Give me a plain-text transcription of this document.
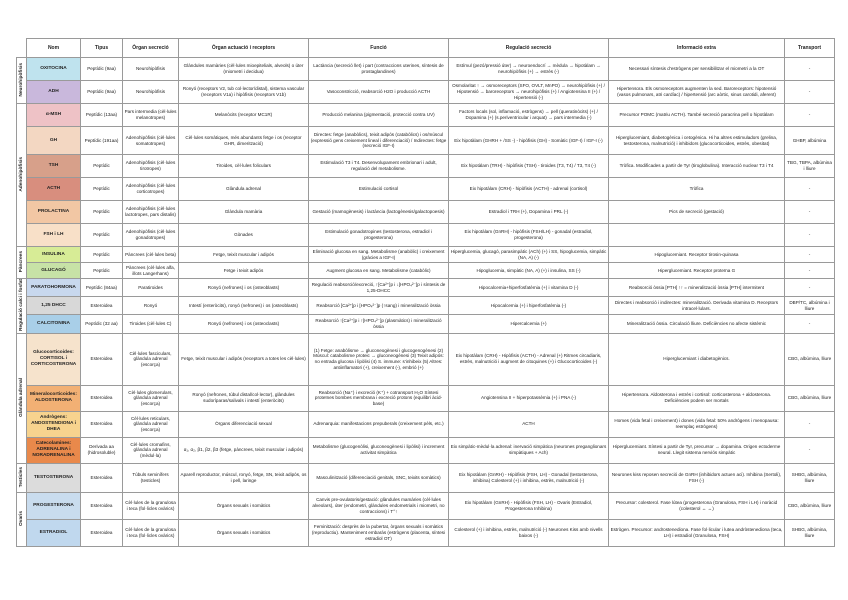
	Nom	Tipus	Òrgan secreció	Òrgan actuació i receptors	Funció	Regulació secreció	Informació extra	Transport
Neurohipòfisis	OXITOCINA	Peptídic (9aa)	Neurohipòfisis	Glàndules mamàries (cèl·lules mioepitelials, alveols) o úter (miometri i decidua)	Lactància (secreció llet) i part (contraccions uterines, síntesis de prostaglandines)	Estímul (pezó/pressió úter) → neuroendocrí → mèdula → hipotàlam → neurohipòfisis (+) → estrès (-)	Necessari síntesis d’estrògens per sensibilitzar el miometri a la OT	-
	ADH	Peptídic (9aa)	Neurohipòfisis	Ronyó (receptors V2, tub col·lector/distal), sistema vascular (receptors V1a) i hipòfisis (receptors V1b)	Vasoconstricció, reabsorció H2O i producció ACTH	Osmolaritat ↑ → osmoreceptors (SFO, OVLT, MnPO) → neurohipòfisis (+) / Hipotensió → baroreceptors → neurohipòfisis (+) / Angiotensina II (+) / Hipertensió (-)	Hipertensora. Els osmoreceptors augmenten la sed. Baroreceptors: hipotensió (vasos pulmonars, atri cardíac) / hipertensió (arc aòrtic, sinus carotidi, aferent)	-
Adenohipòfisis	α-MSH	Peptídic (13aa)	Pars intermedia (cèl·lules melanotropes)	Melanòcits (receptor MC1R)	Producció melanina (pigmentació, protecció contra UV)	Factors locals (sol, inflamació, estrògens) → pell (queratinòcits) (+) / Dopamina (+) (s.periventricular i arquat) → pars intermedia (-)	Precursor POMC (matriu ACTH). També secreció paracrina pell o hipotàlam	-
	GH	Peptídic (191aa)	Adenohipòfisis (cèl·lules somatotropes)	Cèl·lules somàtiques, més abundants fetge i os (receptor GHR, dimerització)	Directes: fetge (anabòlics), teixit adipós (catabòlics) i os/múscul (expressió gens creixement lineal i diferenciació) / Indirectes: fetge (secreció IGF-I)	Eix hipotàlam (GHRH + /SS -) - hipòfisis (GH) - Somàtic (IGF-I) / IGF-I (-)	Hiperglucemiant, diabetogènica i cetogènica. Hi ha altres estimuladors (grelina, testosterona, malnutrició) i inhibidors (glucocorticoides, estrès, obesitat)	GHBP, albúmina
	TSH	Peptídic	Adenohipòfisis (cèl·lules tirotropes)	Tiroides, cèl·lules foliculars	Estimulació T3 i T4. Desenvolupament embrionari i adult, regulació del metabolisme.	Eix hipotàlam (TRH) - hipòfisis (TSH) - tiroides (T3, T4) / T3, T4 (-)	Tròfica. Modificades a partir de Tyr (tiroglobulina). Interacció nuclear T3 i T4	TBG, TBPA, albúmina i lliure
	ACTH	Peptídic	Adenohipòfisis (cèl·lules corticotropes)	Glàndula adrenal	Estimulació cortisol	Eix hipotàlam (CRH) - hipòfisis (ACTH) - adrenal (cortisol)	Tròfica	-
	PROLACTINA	Peptídic	Adenohipòfisis (cèl·lules lactotropes, pars distalis)	Glàndula mamària	Gestació (mamogènesis) i lactància (lactogènesis/galactopoesis)	Estradiol i TRH (+), Dopamina i PRL (-)	Pics de secreció (gestació)	-
	FSH i LH	Peptídic	Adenohipòfisis (cèl·lules gonadotropes)	Gònades	Estimulació gonadotropines (testosterona, estradiol i progesterona)	Eix hipotàlam (GnRH) - hipòfisis (FSH/LH) - gonadal (estradiol, progesterona)		-
Pàncrees	INSULINA	Peptídic	Pàncrees (cèl·lules beta)	Fetge, teixit muscular i adipós	Eliminació glucosa en sang. Metabolisme (anabòlic) i creixement (gràcies a IGF-I)	Hiperglucemia, glucagó, parasimpàtic (ACh) (+) i SS, hipoglucemia, simpàtic (NA, A) (-)	Hipoglucemiant. Receptor tirosin-quinasa	-
	GLUCAGÓ	Peptídic	Pàncrees (cèl·lules alfa, illots Langerhans)	Fetge i teixit adipós	Augment glucosa en sang. Metabolisme (catabòlic)	Hipoglucemia, simpàtic (NA, A) (+) i insulina, SS (-)	Hiperglucemiant. Receptor proteïna G	-
Regulació calci i fosfat	PARATOHORMONA	Peptídic (84aa)	Paratiroides	Ronyó (nefrones) i os (osteoblasts)	Regulació reabsorció/excreció, ↑[Ca²⁺]p i ↓[HPO₄²⁻]p i síntesis de 1,25-DHCC	Hipocalcemia+hiperfosfatèmia (+) i vitamina D (-)	Reabsorció òssia [PTH] ↑↑ = mineralització òssia [PTH] intermitent	-
	1,25 DHCC	Esteroidea	Ronyó	Intestí (enteròcits), ronyó (nefrones) i os (osteoblasts)	Reabsorció [Ca²⁺]p i [HPO₄²⁻]p (↑sang) i mineralització òssia	Hipocalcemia (+) i hiperfosfatèmia (-)	Directes i reabsorció i indirectes: mineralització. Derivada vitamina D. Receptors intracel·lulars.	DBP/TC, albúmina i lliure
	CALCITONINA	Peptídic (32 aa)	Tiroides (cèl·lules C)	Ronyó (nefrones) i os (osteoclasts)	Reabsorció ↑[Ca²⁺]p i ↑[HPO₄²⁻]p (plasmàtics) i mineralització òssia	Hipercalcemia (+)	Mineralització òssia. Circulació lliure. Deficiències no afecte sistèmic	-
Glàndula adrenal	Glucocorticoides: CORTISOL i CORTICOSTERONA	Esteroidea	Cèl·lules fasciculars, glàndula adrenal (escorça)	Fetge, teixit muscular i adipós (receptors a totes les cèl·lules)	(1) Fetge: anabòlisme → gluconeogènesi i glucogenogènesi (2) Múscul: catabolisme proteic → gluconeogènesi (3) Teixit adipós: no entrada glucosa i lipòlisi (4) S. immune: s’inhibeix (5) Altres: antiinflamatori (+), creixement (-), embrió (+)	Eix hipotàlam (CRH) - Hipòfisis (ACTH) - Adrenal (+) Ritmes circadiaris, estrès, malnutrició i augment de citoquines (+) i Glucocorticoides (-)	Hiperglucemiant i diabetogènics.	CBG, albúmina, lliure
	Mineralocorticoides: ALDOSTERONA	Esteroidea	Cèl·lules glomerulars, glàndula adrenal (escorça)	Ronyó (nefrones, túbul distal/col·lector), glàndules sudoríparas/salivals i intestí (enteròcits)	Reabsorció (Na⁺) i excreció (K⁺) + cotransport H₂O Síntesi proteïnes bombes membrana i excreció protons (equilibri àcid-base)	Angiotensina II + hiperpotassèmia (+) i PNA (-)	Hipertensora. Aldosterona i estrès i cortisol: corticosterona + aldosterona. Deficiències podem ser mortals	CBG, albúmina, lliure
	Andrògens: ANDOSTENDIONA i DHEA	Esteroidea	Cèl·lules reticulars, glàndula adrenal (escorça)	Òrgans diferenciació sexual	Adrenarquia: manifestacions prepuberals (creixement pèls, etc.)	ACTH	Homes (vida fetal i creixement) i dones (vida fetal: 50% andrògens i menopausa: reemplaç estrògens)	-
	Catecolamines: ADRENALINA i NORADRENALINA	Derivada aa (hidrosoluble)	Cèl·lules cromafins, glàndula adrenal (mèdul·la)	α₁, α₂, β1, β2, β3 (fetge, pàncrees, teixit muscular i adipós)	Metabolisme (glucogenòlisi, gluconeogènesi i lipòlisi) i increment activitat simpàtica	Eix simpàtic-mèdul·la adrenal: inervació simpàtica (neurones preganglionars simpàtiques + Ach)	Hiperglucemiant. Síntesi a partir de Tyr, precursor → dopamina. Origen ectoderme neural. Llegit sistema nerviós simpàtic	-
Testicles	TESTOSTERONA	Esteroidea	Túbuls seminífers (testicles)	Aparell reproductor, múscul, ronyó, fetge, SN, teixit adipós, os i pell, laringe	Masculinització (diferenciació genitals, SNC, teixits somàtics)	Eix hipotàlam (GnRH) - Hipòfisis (FSH, LH) - Gonadal (testosterona, inhibina) Colesterol (+) i inhibina, estrès, malnutrició (-)	Neurones kiss reposen secreció de GnRH (inhibidors actuen aci). Inhibina (Sertoli), FSH (-)	SHBG, albúmina, lliure
Ovaris	PROGESTERONA	Esteroidea	Cèl·lules de la granulosa i teca (fol·licles ovàrics)	Òrgans sexuals i somàtics	Canvis pre-ovulatoris/gestació: glàndules mamàries (cèl·lules alveolars), úter (endometri, glàndules endometrials i miometri, no contraccions) i T°↑	Eix hipotàlam (GnRH) - Hipòfisis (FSH, LH) - Ovaris (Estradiol, Progesterona Inhibina)	Precursor: colesterol. Fase lútea (progesterona (Granulosa, FSH i LH) i noràcid (colesterol ↔ ↔)	CBG, albúmina, lliure
	ESTRADIOL	Esteroidea	Cèl·lules de la granulosa i teca (fol·licles ovàrics)	Òrgans sexuals i somàtics	Feminització: desprès de la pubertat, òrgans sexuals i somàtics (reproductiu). Manteniment embarás (estrògens (placenta, síntesi estradiol OT)	Colesterol (+) i inhibina, estrès, malnutrició (-) Neurones Kiss amb nivells baixos (-)	Estrògen. Precursor: androstenediona. Fase fol·licular i lutea andròstenediona (teca, LH) i estradiol (Granulosa, FSH)	SHBG, albúmina, lliure
